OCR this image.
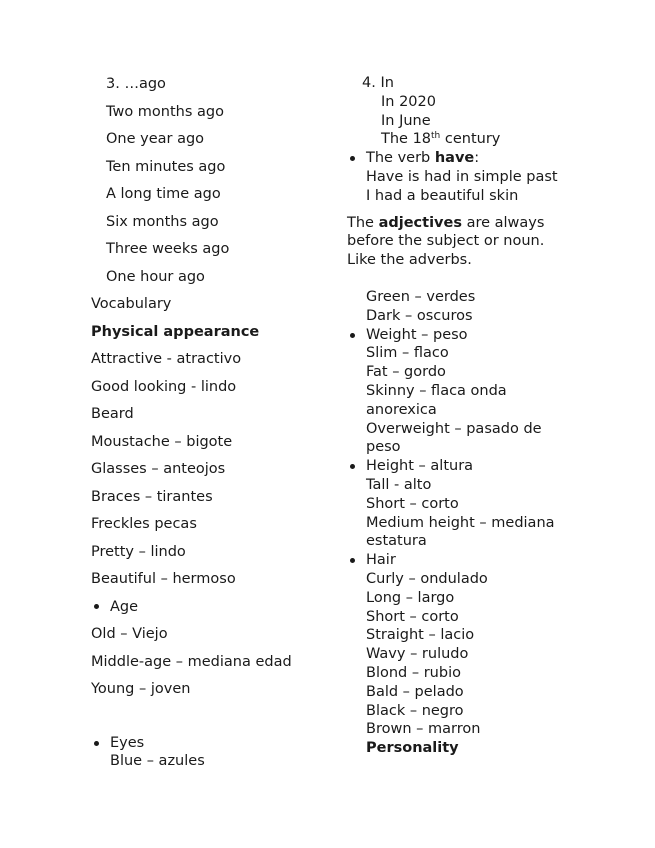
3. …ago

Two months ago

One year ago

Ten minutes ago

A long time ago

Six months ago

Three weeks ago

One hour ago

Vocabulary

Physical appearance

Attractive - atractivo

Good looking - lindo

Beard

Moustache – bigote

Glasses – anteojos

Braces – tirantes

Freckles pecas

Pretty – lindo

Beautiful – hermoso

Age

Old – Viejo

Middle-age – mediana edad

Young – joven

Eyes

Blue – azules

4. In

In 2020

In June

The 18th century

The verb have:

Have is had in simple past

I had a beautiful skin

The adjectives are always

before the subject or noun.

Like the adverbs.

Green – verdes

Dark – oscuros

Weight – peso

Slim – flaco

Fat – gordo

Skinny – flaca onda

anorexica

Overweight – pasado de

peso

Height – altura

Tall - alto

Short – corto

Medium height – mediana

estatura

Hair

Curly – ondulado

Long – largo

Short – corto

Straight – lacio

Wavy – ruludo

Blond – rubio

Bald – pelado

Black – negro

Brown – marron

Personality
